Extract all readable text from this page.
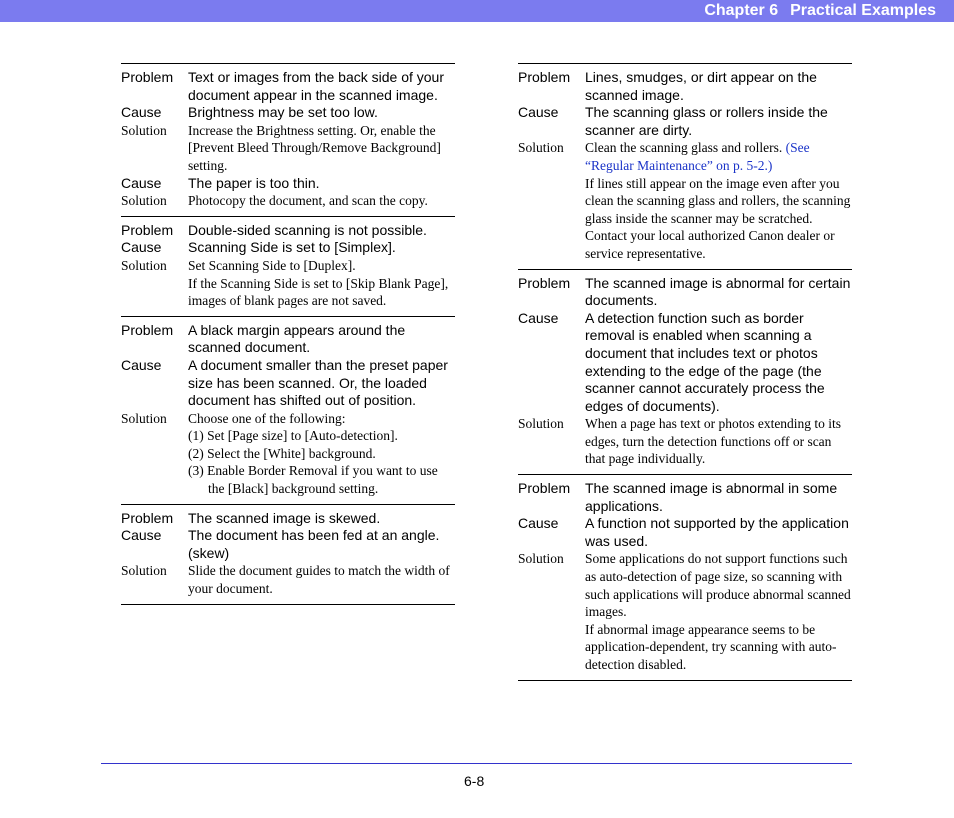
Chapter 6 Practical Examples
Problem	Text or images from the back side of your document appear in the scanned image.
Cause	Brightness may be set too low.
Solution	Increase the Brightness setting. Or, enable the [Prevent Bleed Through/Remove Background] setting.
Cause	The paper is too thin.
Solution	Photocopy the document, and scan the copy.
Problem	Double-sided scanning is not possible.
Cause	Scanning Side is set to [Simplex].
Solution	Set Scanning Side to [Duplex].
If the Scanning Side is set to [Skip Blank Page], images of blank pages are not saved.
Problem	A black margin appears around the scanned document.
Cause	A document smaller than the preset paper size has been scanned. Or, the loaded document has shifted out of position.
Solution	Choose one of the following:
(1) Set [Page size] to [Auto-detection].
(2) Select the [White] background.
(3) Enable Border Removal if you want to use the [Black] background setting.
Problem	The scanned image is skewed.
Cause	The document has been fed at an angle. (skew)
Solution	Slide the document guides to match the width of your document.
Problem	Lines, smudges, or dirt appear on the scanned image.
Cause	The scanning glass or rollers inside the scanner are dirty.
Solution	Clean the scanning glass and rollers. (See “Regular Maintenance” on p. 5-2.)
If lines still appear on the image even after you clean the scanning glass and rollers, the scanning glass inside the scanner may be scratched. Contact your local authorized Canon dealer or service representative.
Problem	The scanned image is abnormal for certain documents.
Cause	A detection function such as border removal is enabled when scanning a document that includes text or photos extending to the edge of the page (the scanner cannot accurately process the edges of documents).
Solution	When a page has text or photos extending to its edges, turn the detection functions off or scan that page individually.
Problem	The scanned image is abnormal in some applications.
Cause	A function not supported by the application was used.
Solution	Some applications do not support functions such as auto-detection of page size, so scanning with such applications will produce abnormal scanned images.
If abnormal image appearance seems to be application-dependent, try scanning with auto-detection disabled.
6-8
